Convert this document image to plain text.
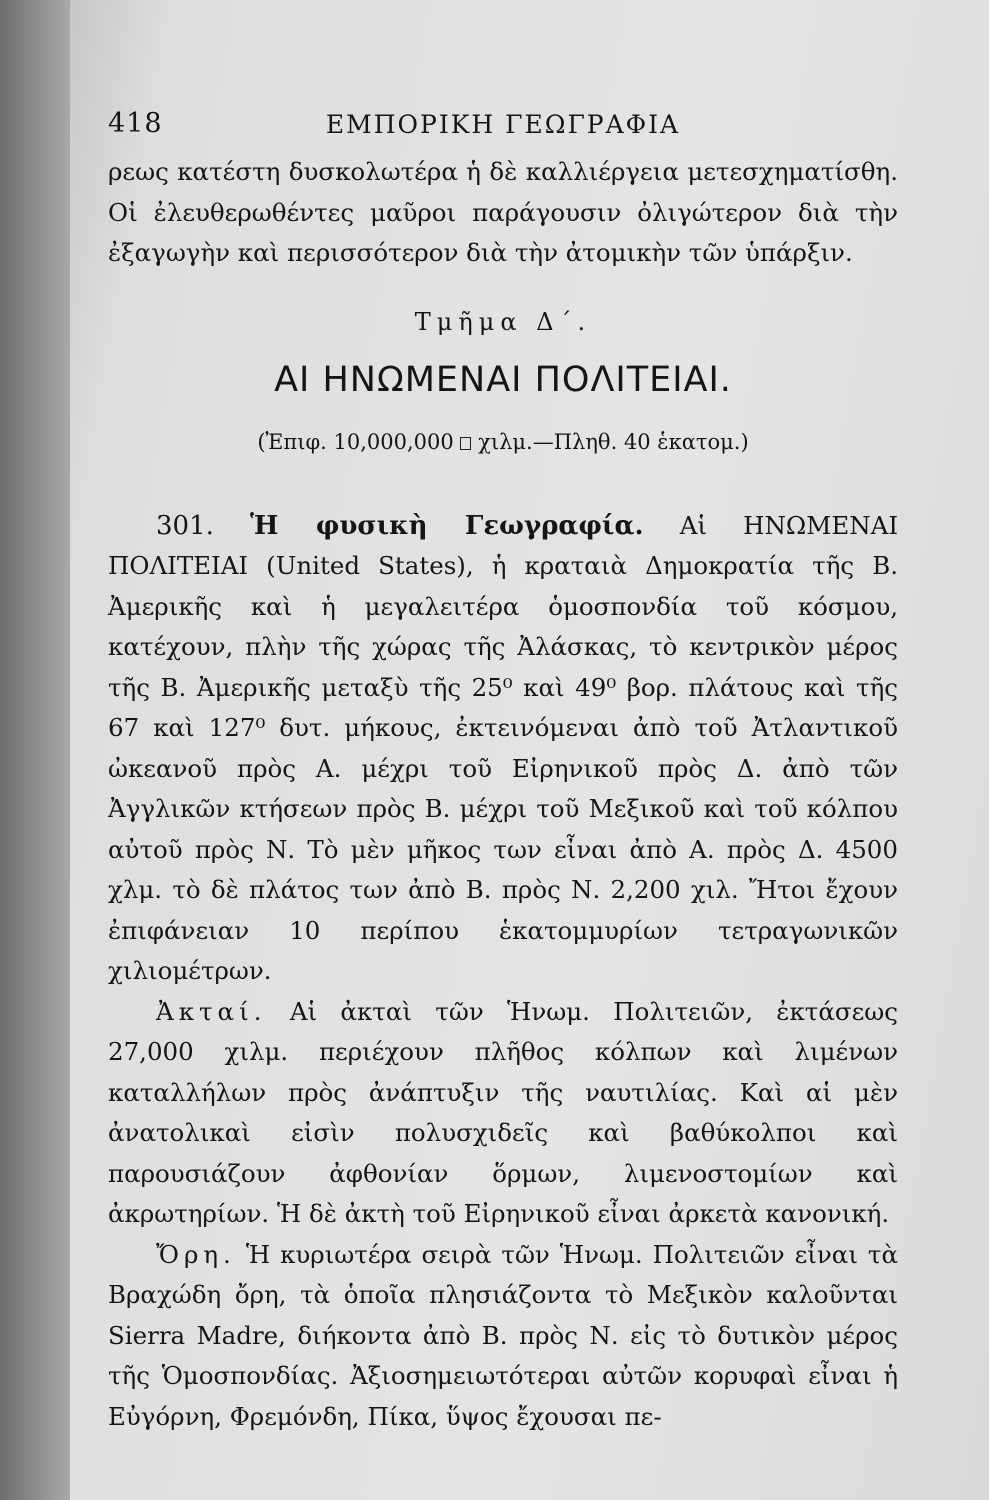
418	ΕΜΠΟΡΙΚΗ ΓΕΩΓΡΑΦΙΑ

ρεως κατέστη δυσκολωτέρα ἡ δὲ καλλιέργεια μετεσχηματίσθη. Οἱ ἐλευθερωθέντες μαῦροι παράγουσιν ὀλιγώτερον διὰ τὴν ἐξαγωγὴν καὶ περισσότερον διὰ τὴν ἀτομικὴν τῶν ὑπάρξιν.

Τμῆμα Δ΄.
ΑΙ ΗΝΩΜΕΝΑΙ ΠΟΛΙΤΕΙΑΙ.
(Ἐπιφ. 10,000,000 χιλμ.—Πληθ. 40 ἑκατομ.)

301. Ἡ φυσικὴ Γεωγραφία. Αἱ ΗΝΩΜΕΝΑΙ ΠΟΛΙΤΕΙΑΙ (United States), ἡ κραταιὰ Δημοκρατία τῆς Β. Ἀμερικῆς καὶ ἡ μεγαλειτέρα ὁμοσπονδία τοῦ κόσμου, κατέχουν, πλὴν τῆς χώρας τῆς Ἀλάσκας, τὸ κεντρικὸν μέρος τῆς Β. Ἀμερικῆς μεταξὺ τῆς 25⁰ καὶ 49⁰ βορ. πλάτους καὶ τῆς 67 καὶ 127⁰ δυτ. μήκους, ἐκτεινόμεναι ἀπὸ τοῦ Ἀτλαντικοῦ ὠκεανοῦ πρὸς Α. μέχρι τοῦ Εἰρηνικοῦ πρὸς Δ. ἀπὸ τῶν Ἀγγλικῶν κτήσεων πρὸς Β. μέχρι τοῦ Μεξικοῦ καὶ τοῦ κόλπου αὐτοῦ πρὸς Ν. Τὸ μὲν μῆκος των εἶναι ἀπὸ Α. πρὸς Δ. 4500 χλμ. τὸ δὲ πλάτος των ἀπὸ Β. πρὸς Ν. 2,200 χιλ. Ἤτοι ἔχουν ἐπιφάνειαν 10 περίπου ἑκατομμυρίων τετραγωνικῶν χιλιομέτρων.

Ἀκταί. Αἱ ἀκταὶ τῶν Ἡνωμ. Πολιτειῶν, ἐκτάσεως 27,000 χιλμ. περιέχουν πλῆθος κόλπων καὶ λιμένων καταλλήλων πρὸς ἀνάπτυξιν τῆς ναυτιλίας. Καὶ αἱ μὲν ἀνατολικαὶ εἰσὶν πολυσχιδεῖς καὶ βαθύκολποι καὶ παρουσιάζουν ἀφθονίαν ὅρμων, λιμενοστομίων καὶ ἀκρωτηρίων. Ἡ δὲ ἀκτὴ τοῦ Εἰρηνικοῦ εἶναι ἀρκετὰ κανονική.

Ὄρη. Ἡ κυριωτέρα σειρὰ τῶν Ἡνωμ. Πολιτειῶν εἶναι τὰ Βραχώδη ὄρη, τὰ ὁποῖα πλησιάζοντα τὸ Μεξικὸν καλοῦνται Sierra Madre, διήκοντα ἀπὸ Β. πρὸς Ν. εἰς τὸ δυτικὸν μέρος τῆς Ὁμοσπονδίας. Ἀξιοσημειωτότεραι αὐτῶν κορυφαὶ εἶναι ἡ Εὐγόρνη, Φρεμόνδη, Πίκα, ὕψος ἔχουσαι πε-
